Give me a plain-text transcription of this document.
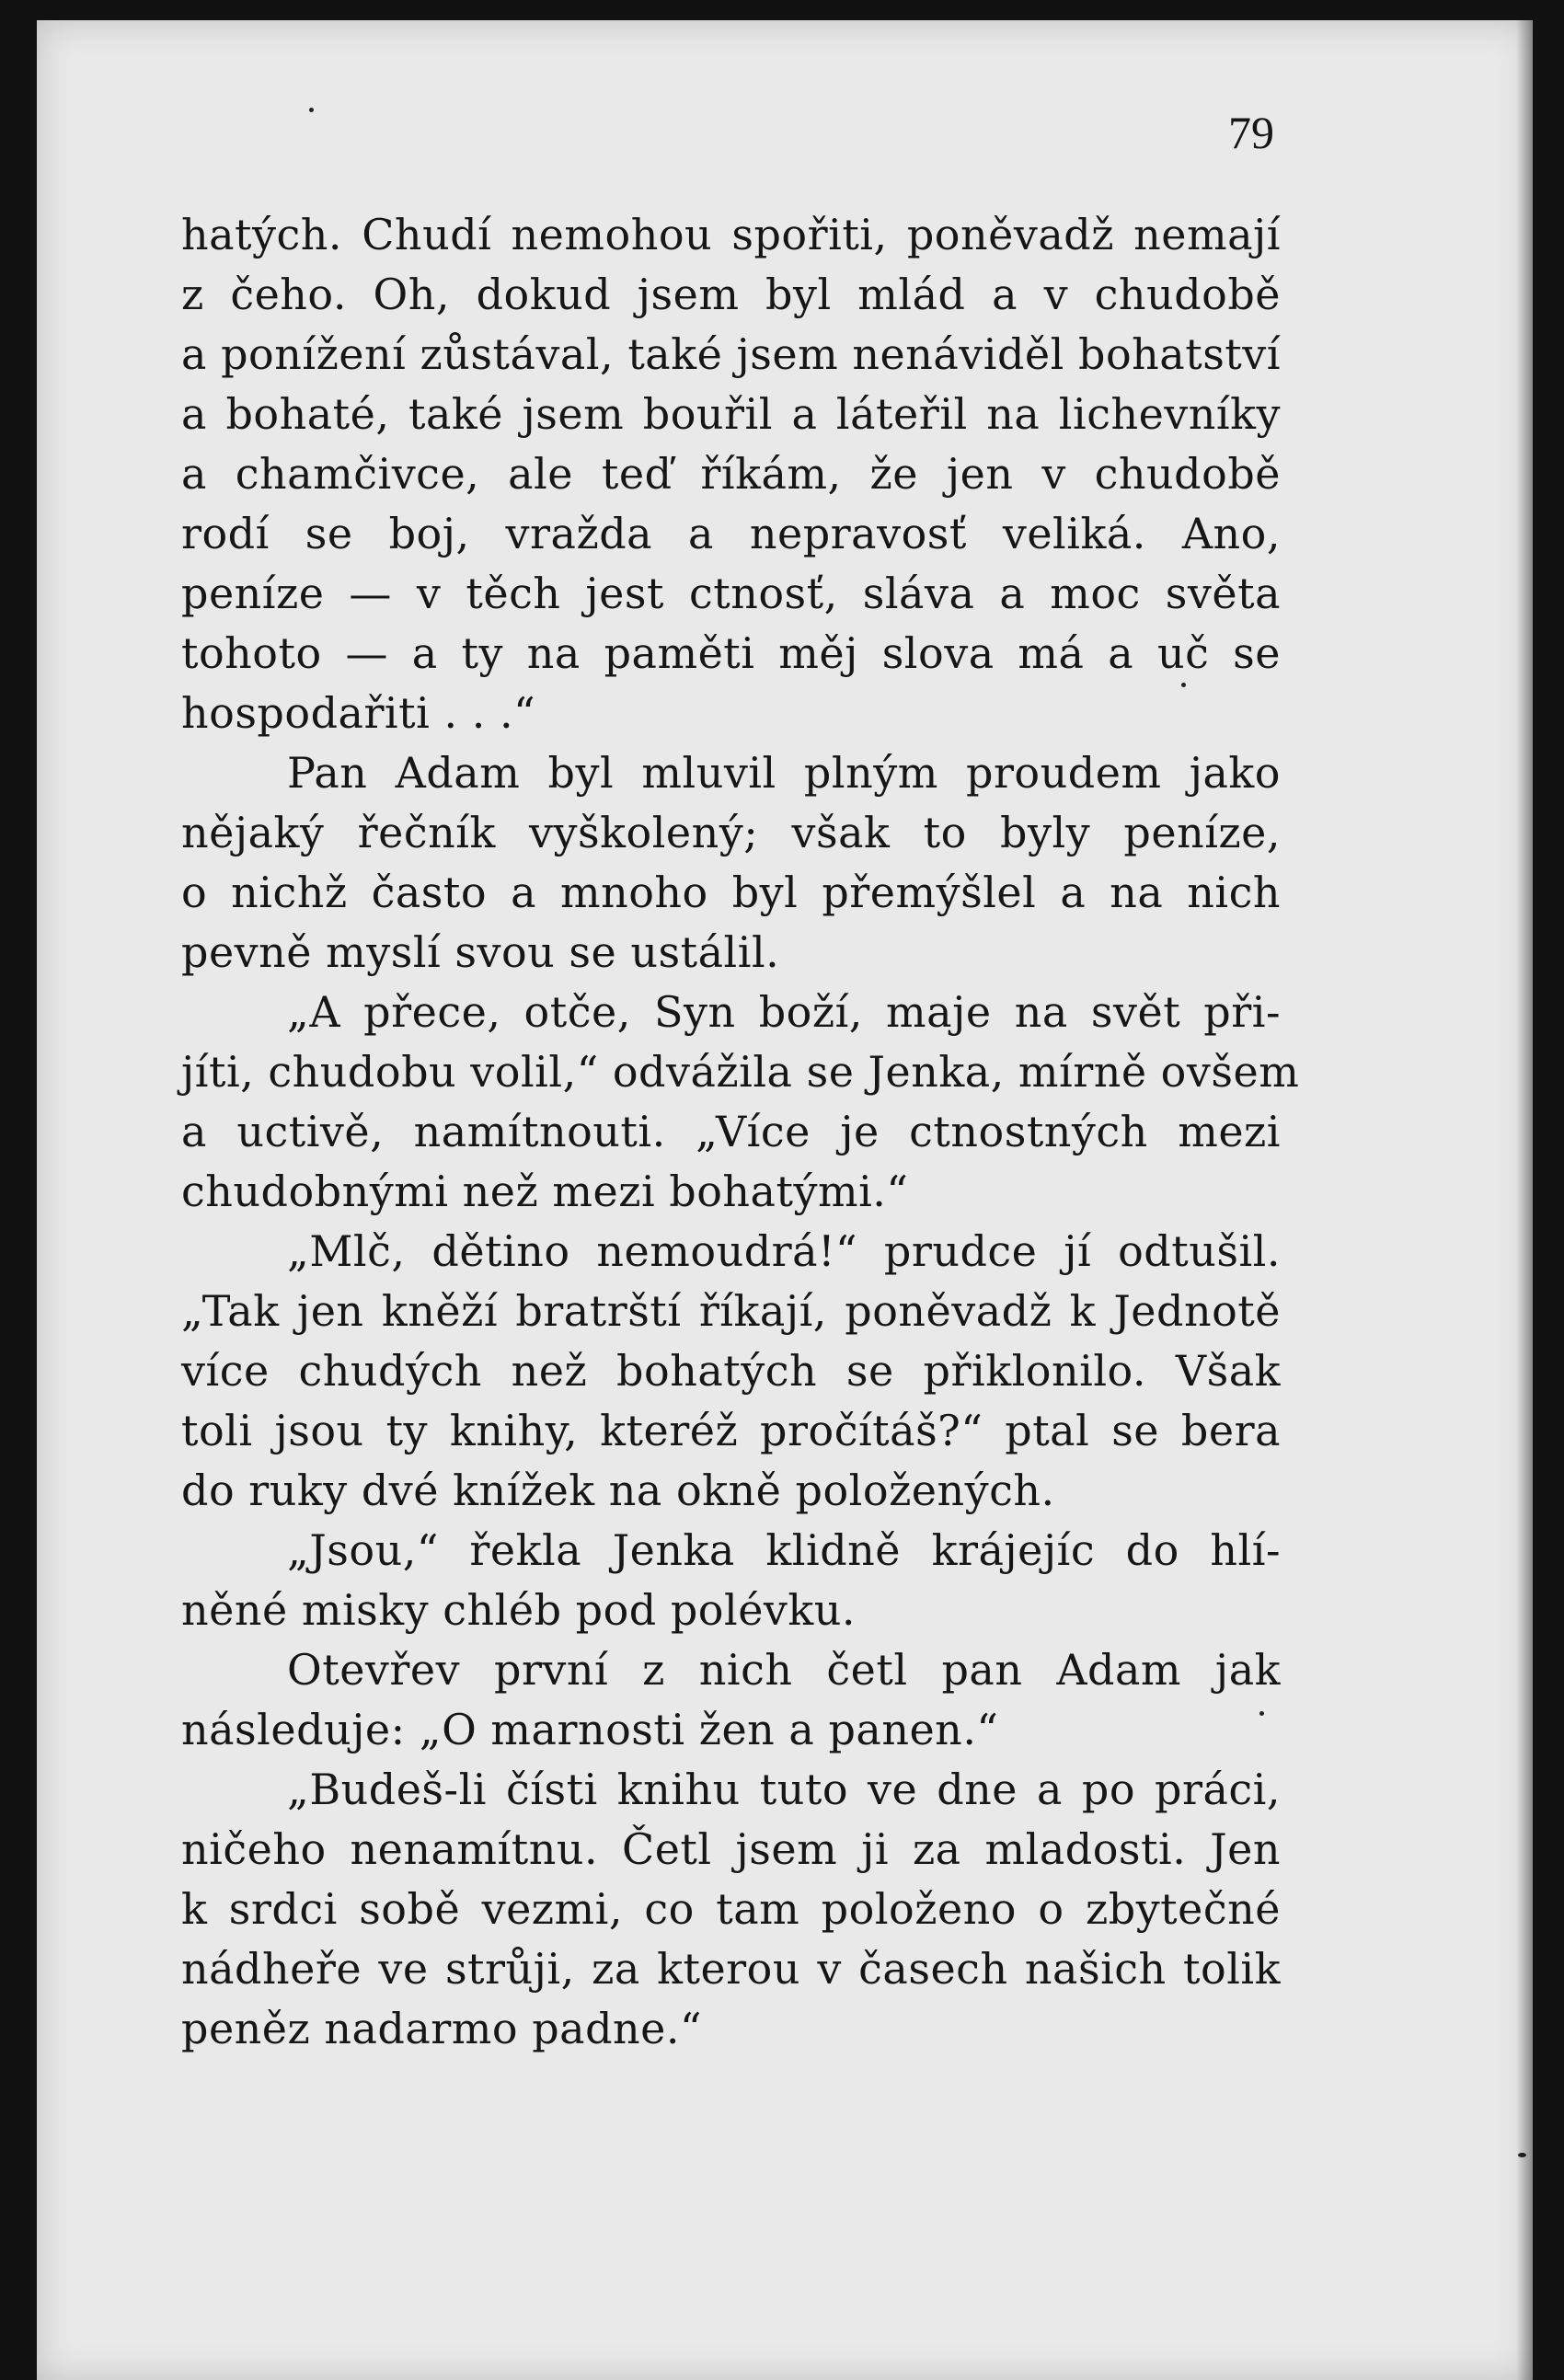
79
hatých. Chudí nemohou spořiti, poněvadž nemají
z čeho. Oh, dokud jsem byl mlád a v chudobě
a ponížení zůstával, také jsem nenáviděl bohatství
a bohaté, také jsem bouřil a láteřil na lichevníky
a chamčivce, ale teď říkám, že jen v chudobě
rodí se boj, vražda a nepravosť veliká. Ano,
peníze — v těch jest ctnosť, sláva a moc světa
tohoto — a ty na paměti měj slova má a uč se
hospodařiti . . .“
Pan Adam byl mluvil plným proudem jako
nějaký řečník vyškolený; však to byly peníze,
o nichž často a mnoho byl přemýšlel a na nich
pevně myslí svou se ustálil.
„A přece, otče, Syn boží, maje na svět při-
jíti, chudobu volil,“ odvážila se Jenka, mírně ovšem
a uctivě, namítnouti. „Více je ctnostných mezi
chudobnými než mezi bohatými.“
„Mlč, dětino nemoudrá!“ prudce jí odtušil.
„Tak jen kněží bratrští říkají, poněvadž k Jednotě
více chudých než bohatých se přiklonilo. Však
toli jsou ty knihy, kteréž pročítáš?“ ptal se bera
do ruky dvé knížek na okně položených.
„Jsou,“ řekla Jenka klidně krájejíc do hlí-
něné misky chléb pod polévku.
Otevřev první z nich četl pan Adam jak
následuje: „O marnosti žen a panen.“
„Budeš-li čísti knihu tuto ve dne a po práci,
ničeho nenamítnu. Četl jsem ji za mladosti. Jen
k srdci sobě vezmi, co tam položeno o zbytečné
nádheře ve strůji, za kterou v časech našich tolik
peněz nadarmo padne.“
